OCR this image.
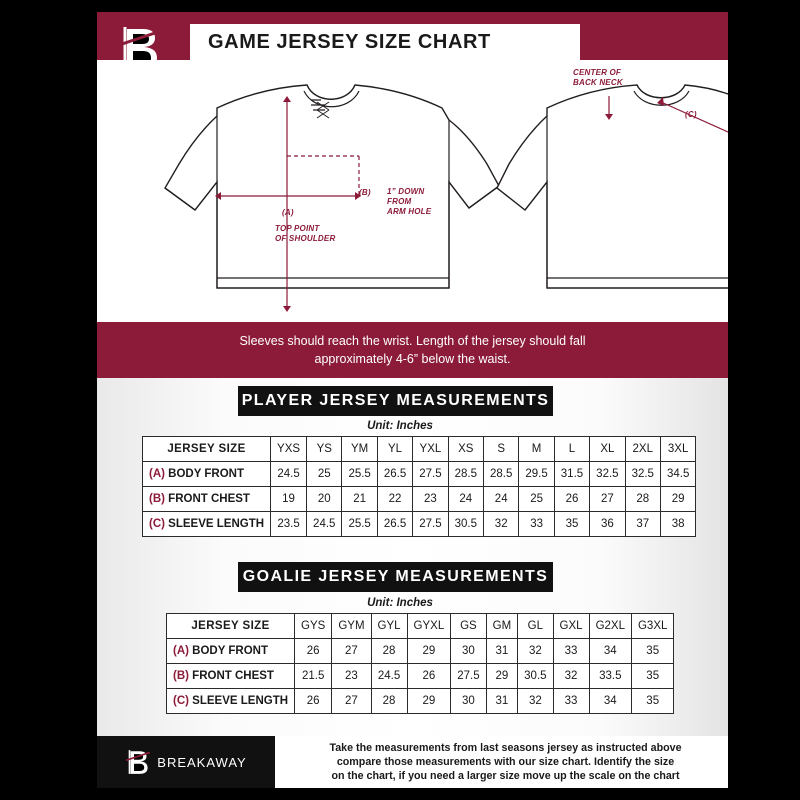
GAME JERSEY SIZE CHART
(A)
TOP POINT
OF SHOULDER
(B) 1” DOWN
FROM
ARM HOLE
(C)
CENTER OF
BACK NECK
Sleeves should reach the wrist. Length of the jersey should fall
approximately 4-6” below the waist.
PLAYER JERSEY MEASUREMENTS
Unit: Inches
JERSEY SIZE	YXS	YS	YM	YL	YXL	XS	S	M	L	XL	2XL	3XL
(A) BODY FRONT	24.5	25	25.5	26.5	27.5	28.5	28.5	29.5	31.5	32.5	32.5	34.5
(B) FRONT CHEST	19	20	21	22	23	24	24	25	26	27	28	29
(C) SLEEVE LENGTH	23.5	24.5	25.5	26.5	27.5	30.5	32	33	35	36	37	38
GOALIE JERSEY MEASUREMENTS
Unit: Inches
JERSEY SIZE	GYS	GYM	GYL	GYXL	GS	GM	GL	GXL	G2XL	G3XL
(A) BODY FRONT	26	27	28	29	30	31	32	33	34	35
(B) FRONT CHEST	21.5	23	24.5	26	27.5	29	30.5	32	33.5	35
(C) SLEEVE LENGTH	26	27	28	29	30	31	32	33	34	35
BREAKAWAY
Take the measurements from last seasons jersey as instructed above
compare those measurements with our size chart. Identify the size
on the chart, if you need a larger size move up the scale on the chart
